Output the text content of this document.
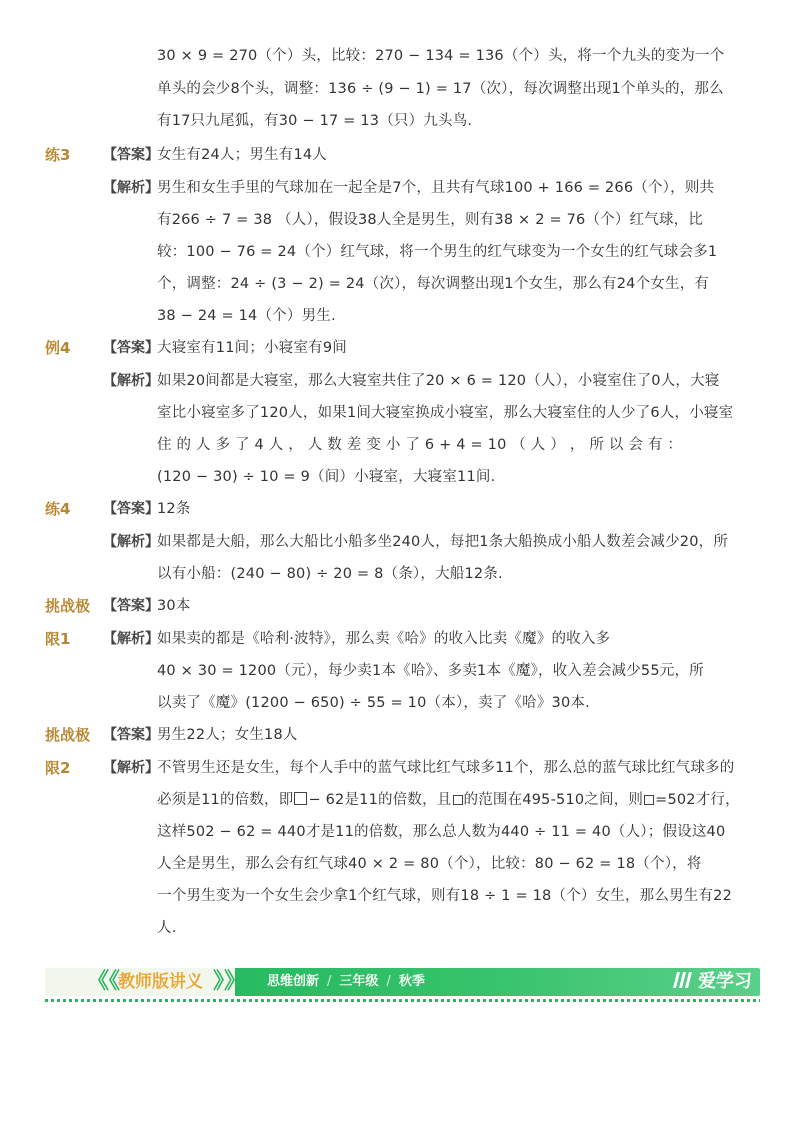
30 × 9 = 270（个）头，比较：270 − 134 = 136（个）头，将一个九头的变为一个
单头的会少8个头，调整：136 ÷ (9 − 1) = 17（次），每次调整出现1个单头的，那么
有17只九尾狐，有30 − 17 = 13（只）九头鸟.
练3 【答案】
女生有24人；男生有14人
【解析】
男生和女生手里的气球加在一起全是7个，且共有气球100 + 166 = 266（个），则共
有266 ÷ 7 = 38 （人），假设38人全是男生，则有38 × 2 = 76（个）红气球，比
较：100 − 76 = 24（个）红气球，将一个男生的红气球变为一个女生的红气球会多1
个，调整：24 ÷ (3 − 2) = 24（次），每次调整出现1个女生，那么有24个女生，有
38 − 24 = 14（个）男生.
例4 【答案】
大寝室有11间；小寝室有9间
【解析】
如果20间都是大寝室，那么大寝室共住了20 × 6 = 120（人），小寝室住了0人，大寝
室比小寝室多了120人，如果1间大寝室换成小寝室，那么大寝室住的人少了6人，小寝室
住 的 人 多 了 4 人 ， 人 数 差 变 小 了 6 + 4 = 10 （ 人 ） ， 所 以 会 有 ：
(120 − 30) ÷ 10 = 9（间）小寝室，大寝室11间.
练4 【答案】
12条
【解析】
如果都是大船，那么大船比小船多坐240人，每把1条大船换成小船人数差会减少20，所
以有小船：(240 − 80) ÷ 20 = 8（条），大船12条.
挑战极
限1
【答案】
30本
【解析】
如果卖的都是《哈利·波特》，那么卖《哈》的收入比卖《魔》的收入多
40 × 30 = 1200（元），每少卖1本《哈》、多卖1本《魔》，收入差会减少55元，所
以卖了《魔》(1200 − 650) ÷ 55 = 10（本），卖了《哈》30本.
挑战极
限2
【答案】
男生22人；女生18人
【解析】
不管男生还是女生，每个人手中的蓝气球比红气球多11个，那么总的蓝气球比红气球多的
必须是11的倍数，即 − 62是11的倍数，且 的范围在495-510之间，则 =502才行，
这样502 − 62 = 440才是11的倍数，那么总人数为440 ÷ 11 = 40（人）；假设这40
人全是男生，那么会有红气球40 × 2 = 80（个），比较：80 − 62 = 18（个），将
一个男生变为一个女生会少拿1个红气球，则有18 ÷ 1 = 18（个）女生，那么男生有22
人.
《《
教师版讲义 》》 思维创新 / 三年级 / 秋季	爱学习
